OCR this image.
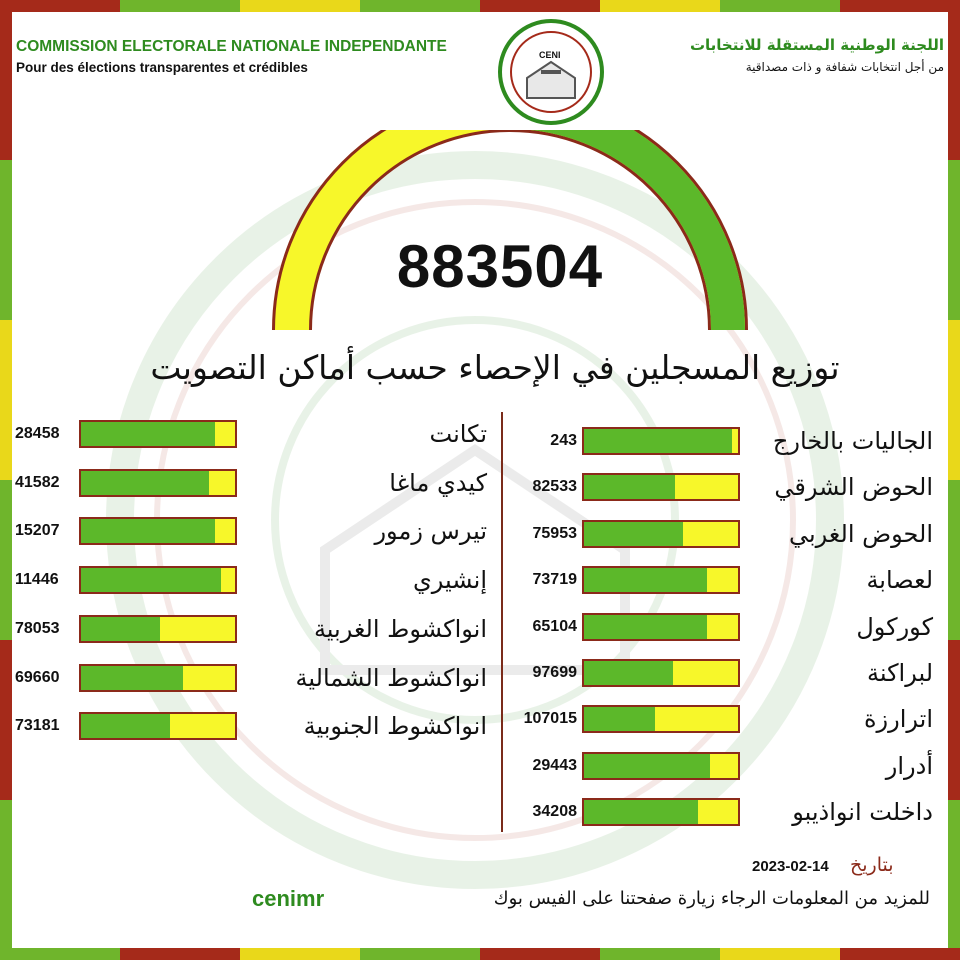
COMMISSION ELECTORALE NATIONALE INDEPENDANTE
Pour des élections transparentes et crédibles
CENI
اللجنة الوطنية المستقلة للانتخابات
من أجل انتخابات شفافة و ذات مصداقية
883504
توزيع المسجلين في الإحصاء حسب أماكن التصويت
243	الجاليات بالخارج
82533	الحوض الشرقي
75953	الحوض الغربي
73719	لعصابة
65104	كوركول
97699	لبراكنة
107015	اترارزة
29443	أدرار
34208	داخلت انواذيبو
28458	تكانت
41582	كيدي ماغا
15207	تيرس زمور
11446	إنشيري
78053	انواكشوط الغربية
69660	انواكشوط الشمالية
73181	انواكشوط الجنوبية
بتاريخ
2023-02-14
للمزيد من المعلومات الرجاء زيارة صفحتنا على الفيس بوك
cenimr
